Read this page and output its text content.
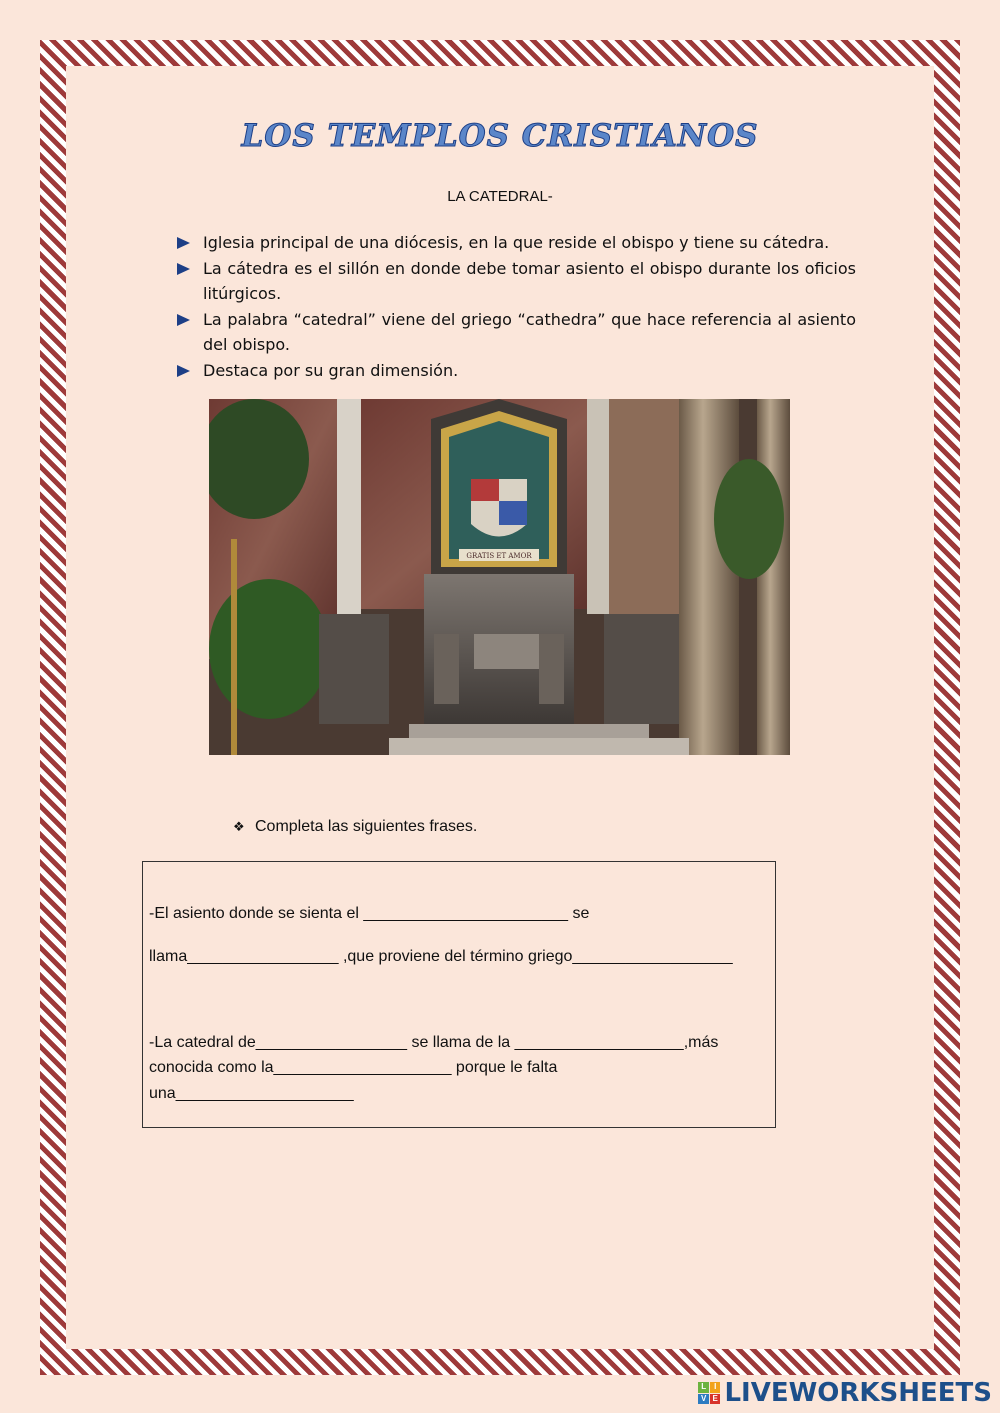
LOS TEMPLOS CRISTIANOS
LA CATEDRAL-
Iglesia principal de una diócesis, en la que reside el obispo y tiene su cátedra.
La cátedra es el sillón en donde debe tomar asiento el obispo durante los oficios litúrgicos.
La palabra “catedral” viene del griego “cathedra” que hace referencia al asiento del obispo.
Destaca por su gran dimensión.
GRATIS ET AMOR
❖ Completa las siguientes frases.
-El asiento donde se sienta el _______________________ se
llama_________________ ,que proviene del término griego__________________
-La catedral de_________________ se llama de la ___________________,más
conocida como la____________________ porque le falta
una____________________
L I
V E LIVEWORKSHEETS
